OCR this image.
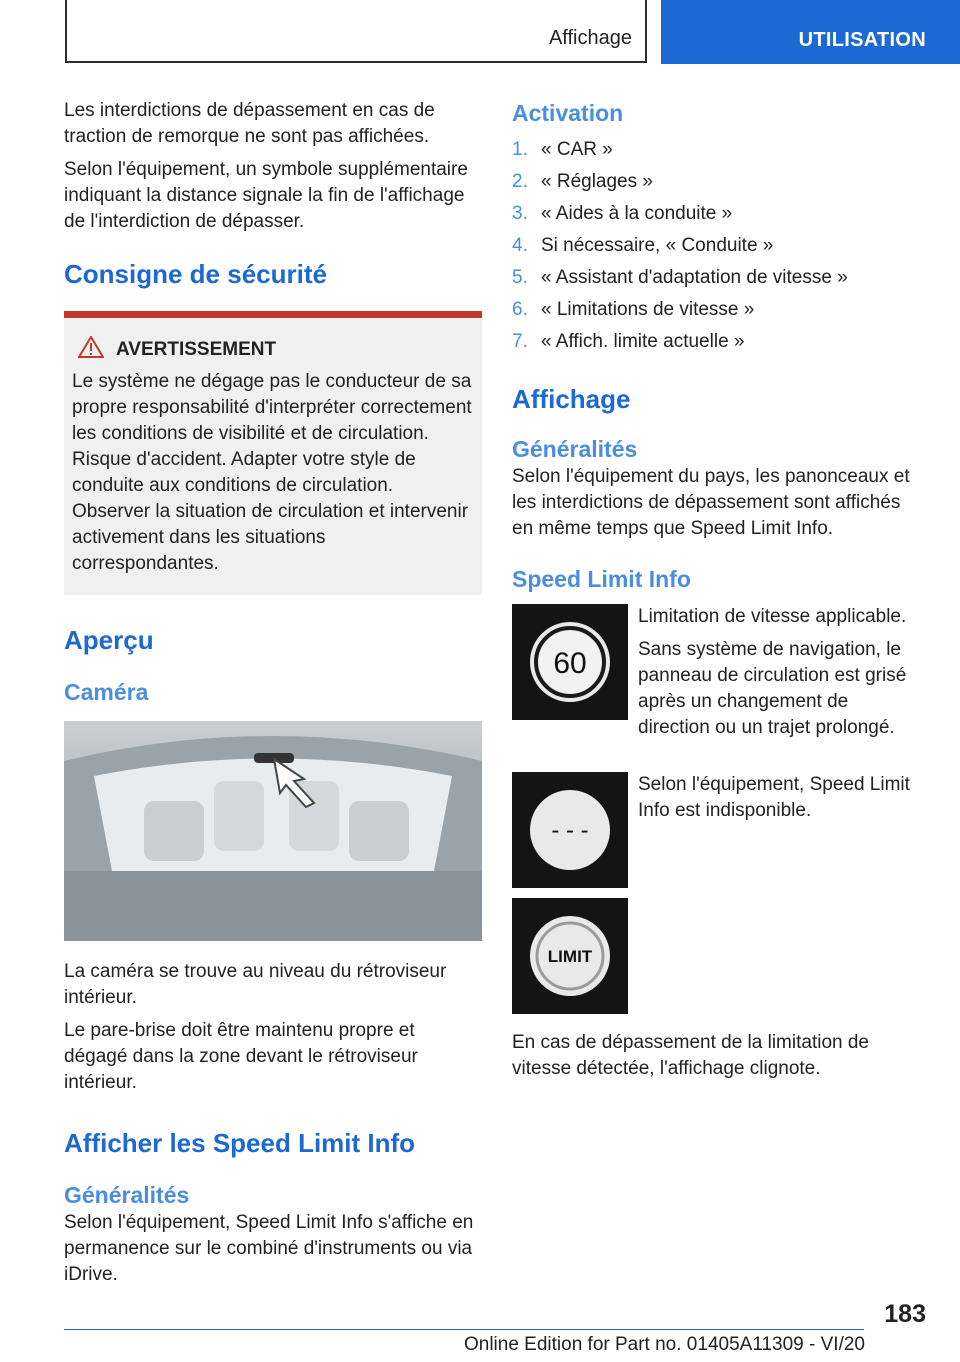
Affichage	UTILISATION

Les interdictions de dépassement en cas de traction de remorque ne sont pas affichées.

Selon l'équipement, un symbole supplémentaire indiquant la distance signale la fin de l'affichage de l'interdiction de dépasser.

Consigne de sécurité
AVERTISSEMENT

Le système ne dégage pas le conducteur de sa propre responsabilité d'interpréter correctement les conditions de visibilité et de circulation. Risque d'accident. Adapter votre style de conduite aux conditions de circulation. Observer la situation de circulation et intervenir activement dans les situations correspondantes.

Aperçu
Caméra

La caméra se trouve au niveau du rétroviseur intérieur.

Le pare-brise doit être maintenu propre et dégagé dans la zone devant le rétroviseur intérieur.

Afficher les Speed Limit Info
Généralités

Selon l'équipement, Speed Limit Info s'affiche en permanence sur le combiné d'instruments ou via iDrive.

Activation
1. « CAR »
2. « Réglages »
3. « Aides à la conduite »
4. Si nécessaire, « Conduite »
5. « Assistant d'adaptation de vitesse »
6. « Limitations de vitesse »
7. « Affich. limite actuelle »
Affichage
Généralités

Selon l'équipement du pays, les panonceaux et les interdictions de dépassement sont affichés en même temps que Speed Limit Info.

Speed Limit Info
60

Limitation de vitesse applicable.

Sans système de navigation, le panneau de circulation est grisé après un changement de direction ou un trajet prolongé.

- - -

Selon l'équipement, Speed Limit Info est indisponible.

LIMIT

En cas de dépassement de la limitation de vitesse détectée, l'affichage clignote.

183
Online Edition for Part no. 01405A11309 - VI/20
